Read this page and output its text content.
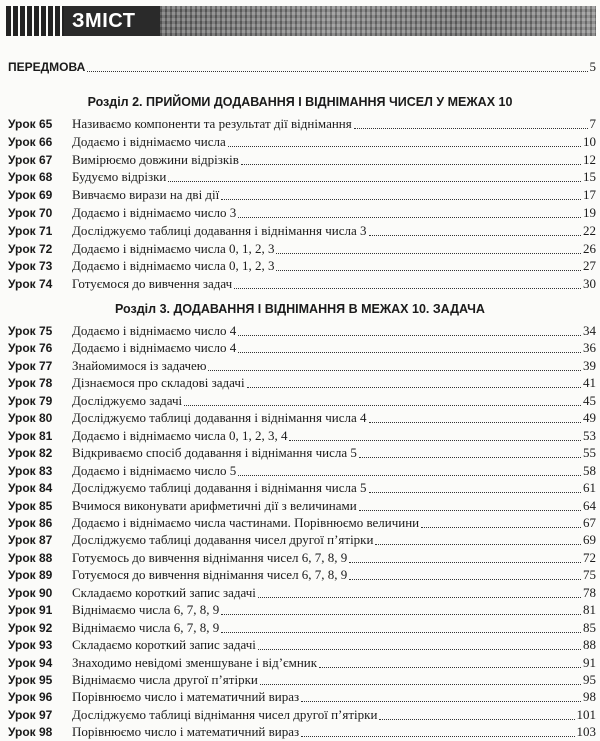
ЗМІСТ
ПЕРЕДМОВА	5
Розділ 2. ПРИЙОМИ ДОДАВАННЯ І ВІДНІМАННЯ ЧИСЕЛ У МЕЖАХ 10
Урок 65	Називаємо компоненти та результат дії віднімання	7
Урок 66	Додаємо і віднімаємо числа	10
Урок 67	Вимірюємо довжини відрізків	12
Урок 68	Будуємо відрізки	15
Урок 69	Вивчаємо вирази на дві дії	17
Урок 70	Додаємо і віднімаємо число 3	19
Урок 71	Досліджуємо таблиці додавання і віднімання числа 3	22
Урок 72	Додаємо і віднімаємо числа 0, 1, 2, 3	26
Урок 73	Додаємо і віднімаємо числа 0, 1, 2, 3	27
Урок 74	Готуємося до вивчення задач	30
Розділ 3. ДОДАВАННЯ І ВІДНІМАННЯ В МЕЖАХ 10. ЗАДАЧА
Урок 75	Додаємо і віднімаємо число 4	34
Урок 76	Додаємо і віднімаємо число 4	36
Урок 77	Знайомимося із задачею	39
Урок 78	Дізнаємося про складові задачі	41
Урок 79	Досліджуємо задачі	45
Урок 80	Досліджуємо таблиці додавання і віднімання числа 4	49
Урок 81	Додаємо і віднімаємо числа 0, 1, 2, 3, 4	53
Урок 82	Відкриваємо спосіб додавання і віднімання числа 5	55
Урок 83	Додаємо і віднімаємо число 5	58
Урок 84	Досліджуємо таблиці додавання і віднімання числа 5	61
Урок 85	Вчимося виконувати арифметичні дії з величинами	64
Урок 86	Додаємо і віднімаємо числа частинами. Порівнюємо величини	67
Урок 87	Досліджуємо таблиці додавання чисел другої п’ятірки	69
Урок 88	Готуємось до вивчення віднімання чисел 6, 7, 8, 9	72
Урок 89	Готуємося до вивчення віднімання чисел 6, 7, 8, 9	75
Урок 90	Складаємо короткий запис задачі	78
Урок 91	Віднімаємо числа 6, 7, 8, 9	81
Урок 92	Віднімаємо числа 6, 7, 8, 9	85
Урок 93	Складаємо короткий запис задачі	88
Урок 94	Знаходимо невідомі зменшуване і від’ємник	91
Урок 95	Віднімаємо числа другої п’ятірки	95
Урок 96	Порівнюємо число і математичний вираз	98
Урок 97	Досліджуємо таблиці віднімання чисел другої п’ятірки	101
Урок 98	Порівнюємо число і математичний вираз	103
